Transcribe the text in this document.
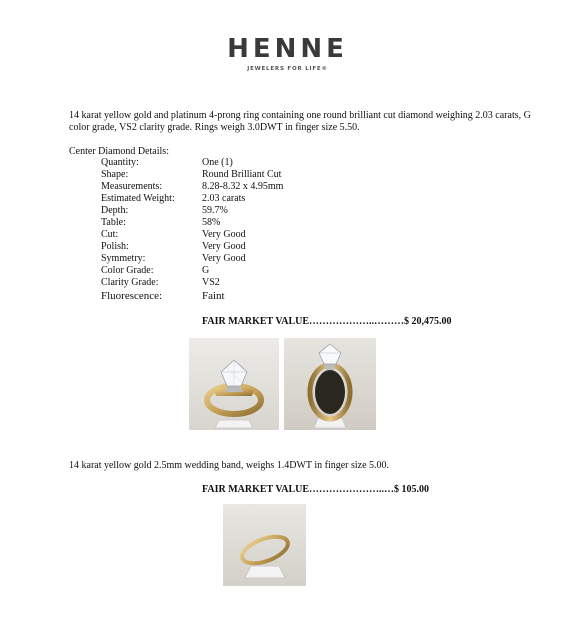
HENNE
JEWELERS FOR LIFE®
14 karat yellow gold and platinum 4-prong ring containing one round brilliant cut diamond weighing 2.03 carats, G color grade, VS2 clarity grade. Rings weigh 3.0DWT in finger size 5.50.
Center Diamond Details:
Quantity:	One (1)
Shape:	Round Brilliant Cut
Measurements:	8.28-8.32 x 4.95mm
Estimated Weight:	2.03 carats
Depth:	59.7%
Table:	58%
Cut:	Very Good
Polish:	Very Good
Symmetry:	Very Good
Color Grade:	G
Clarity Grade:	VS2
Fluorescence:	Faint
FAIR MARKET VALUE………………..………$ 20,475.00
14 karat yellow gold 2.5mm wedding band, weighs 1.4DWT in finger size 5.00.
FAIR MARKET VALUE…………………..…$ 105.00
